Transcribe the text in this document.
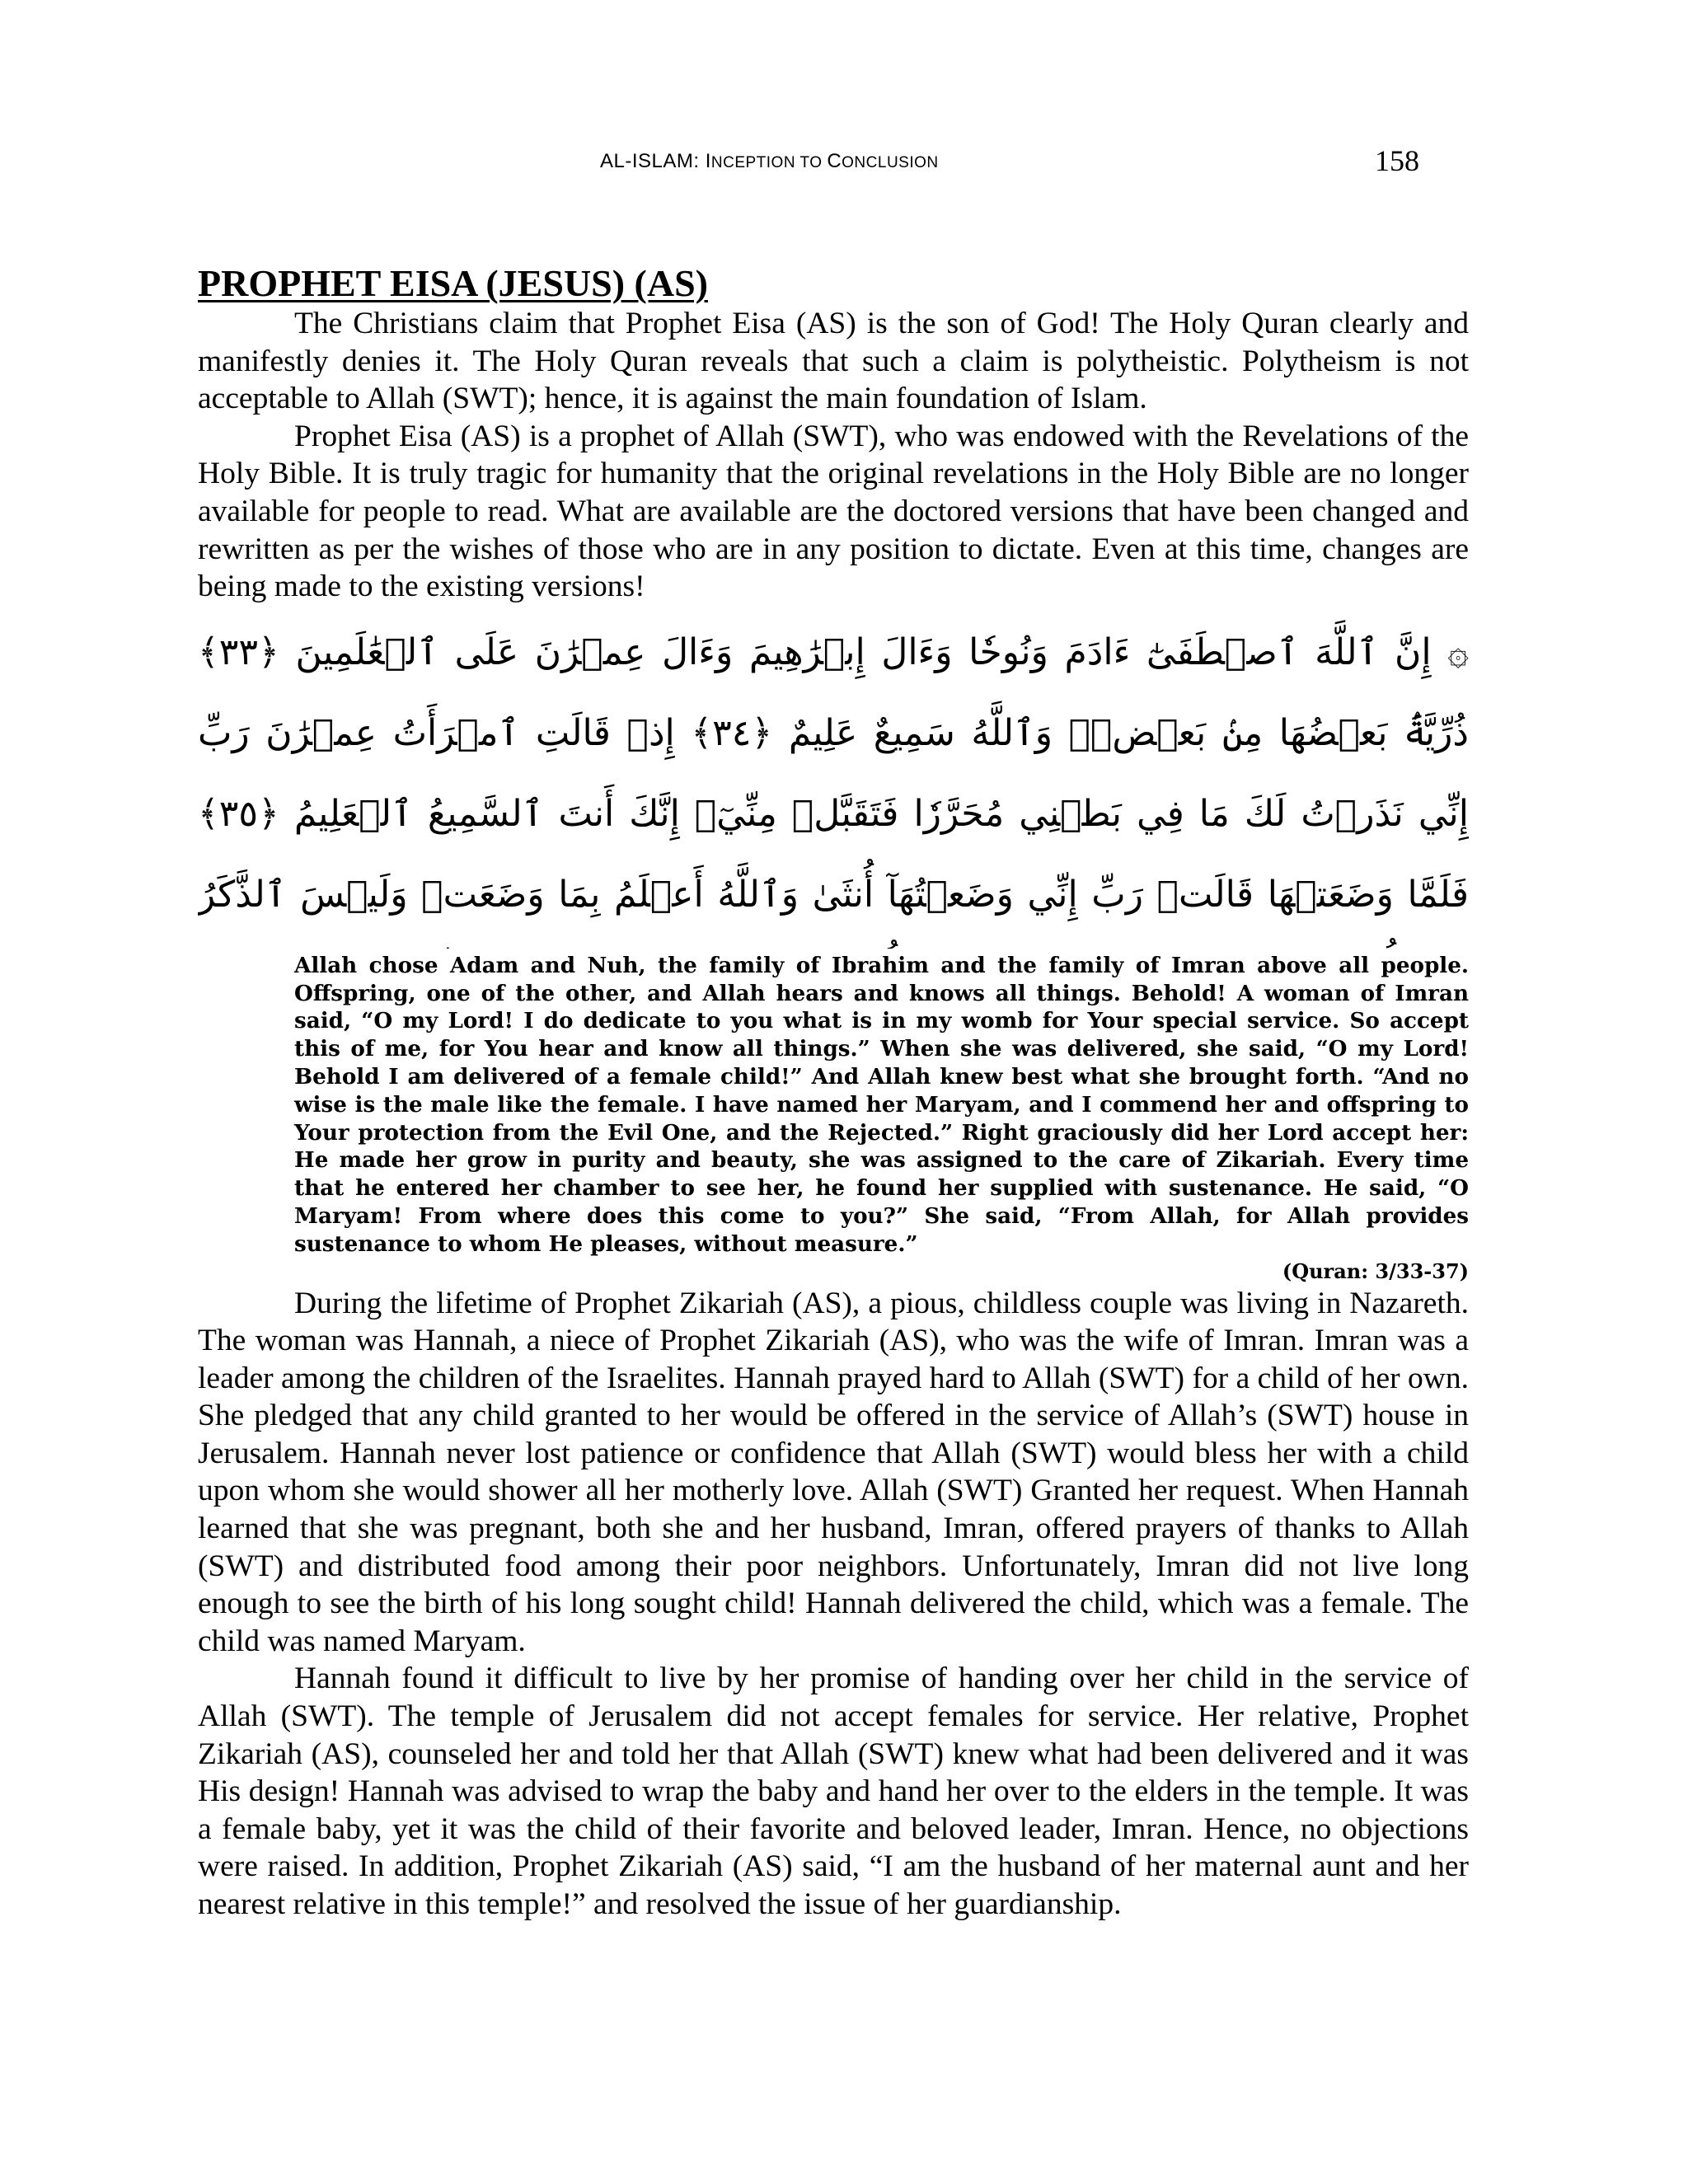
AL-ISLAM: INCEPTION TO CONCLUSION	158
PROPHET EISA (JESUS) (AS)

The Christians claim that Prophet Eisa (AS) is the son of God! The Holy Quran clearly and manifestly denies it. The Holy Quran reveals that such a claim is polytheistic. Polytheism is not acceptable to Allah (SWT); hence, it is against the main foundation of Islam.

Prophet Eisa (AS) is a prophet of Allah (SWT), who was endowed with the Revelations of the Holy Bible. It is truly tragic for humanity that the original revelations in the Holy Bible are no longer available for people to read. What are available are the doctored versions that have been changed and rewritten as per the wishes of those who are in any position to dictate. Even at this time, changes are being made to the existing versions!

۞ إِنَّ ٱللَّهَ ٱصۡطَفَىٰٓ ءَادَمَ وَنُوحٗا وَءَالَ إِبۡرَٰهِيمَ وَءَالَ عِمۡرَٰنَ عَلَى ٱلۡعَٰلَمِينَ ﴿٣٣﴾ ذُرِّيَّةَۢ بَعۡضُهَا مِنۢ بَعۡضٖۗ وَٱللَّهُ سَمِيعٌ عَلِيمٌ ﴿٣٤﴾ إِذۡ قَالَتِ ٱمۡرَأَتُ عِمۡرَٰنَ رَبِّ إِنِّي نَذَرۡتُ لَكَ مَا فِي بَطۡنِي مُحَرَّرٗا فَتَقَبَّلۡ مِنِّيٓۖ إِنَّكَ أَنتَ ٱلسَّمِيعُ ٱلۡعَلِيمُ ﴿٣٥﴾ فَلَمَّا وَضَعَتۡهَا قَالَتۡ رَبِّ إِنِّي وَضَعۡتُهَآ أُنثَىٰ وَٱللَّهُ أَعۡلَمُ بِمَا وَضَعَتۡ وَلَيۡسَ ٱلذَّكَرُ

Allah chose Adam and Nuh, the family of Ibrahim and the family of Imran above all people. Offspring, one of the other, and Allah hears and knows all things. Behold! A woman of Imran said, “O my Lord! I do dedicate to you what is in my womb for Your special service. So accept this of me, for You hear and know all things.” When she was delivered, she said, “O my Lord! Behold I am delivered of a female child!” And Allah knew best what she brought forth. “And no wise is the male like the female. I have named her Maryam, and I commend her and offspring to Your protection from the Evil One, and the Rejected.” Right graciously did her Lord accept her: He made her grow in purity and beauty, she was assigned to the care of Zikariah. Every time that he entered her chamber to see her, he found her supplied with sustenance. He said, “O Maryam! From where does this come to you?” She said, “From Allah, for Allah provides sustenance to whom He pleases, without measure.”

(Quran: 3/33-37)

During the lifetime of Prophet Zikariah (AS), a pious, childless couple was living in Nazareth. The woman was Hannah, a niece of Prophet Zikariah (AS), who was the wife of Imran. Imran was a leader among the children of the Israelites. Hannah prayed hard to Allah (SWT) for a child of her own. She pledged that any child granted to her would be offered in the service of Allah’s (SWT) house in Jerusalem. Hannah never lost patience or confidence that Allah (SWT) would bless her with a child upon whom she would shower all her motherly love. Allah (SWT) Granted her request. When Hannah learned that she was pregnant, both she and her husband, Imran, offered prayers of thanks to Allah (SWT) and distributed food among their poor neighbors. Unfortunately, Imran did not live long enough to see the birth of his long sought child! Hannah delivered the child, which was a female. The child was named Maryam.

Hannah found it difficult to live by her promise of handing over her child in the service of Allah (SWT). The temple of Jerusalem did not accept females for service. Her relative, Prophet Zikariah (AS), counseled her and told her that Allah (SWT) knew what had been delivered and it was His design! Hannah was advised to wrap the baby and hand her over to the elders in the temple. It was a female baby, yet it was the child of their favorite and beloved leader, Imran. Hence, no objections were raised. In addition, Prophet Zikariah (AS) said, “I am the husband of her maternal aunt and her nearest relative in this temple!” and resolved the issue of her guardianship.
